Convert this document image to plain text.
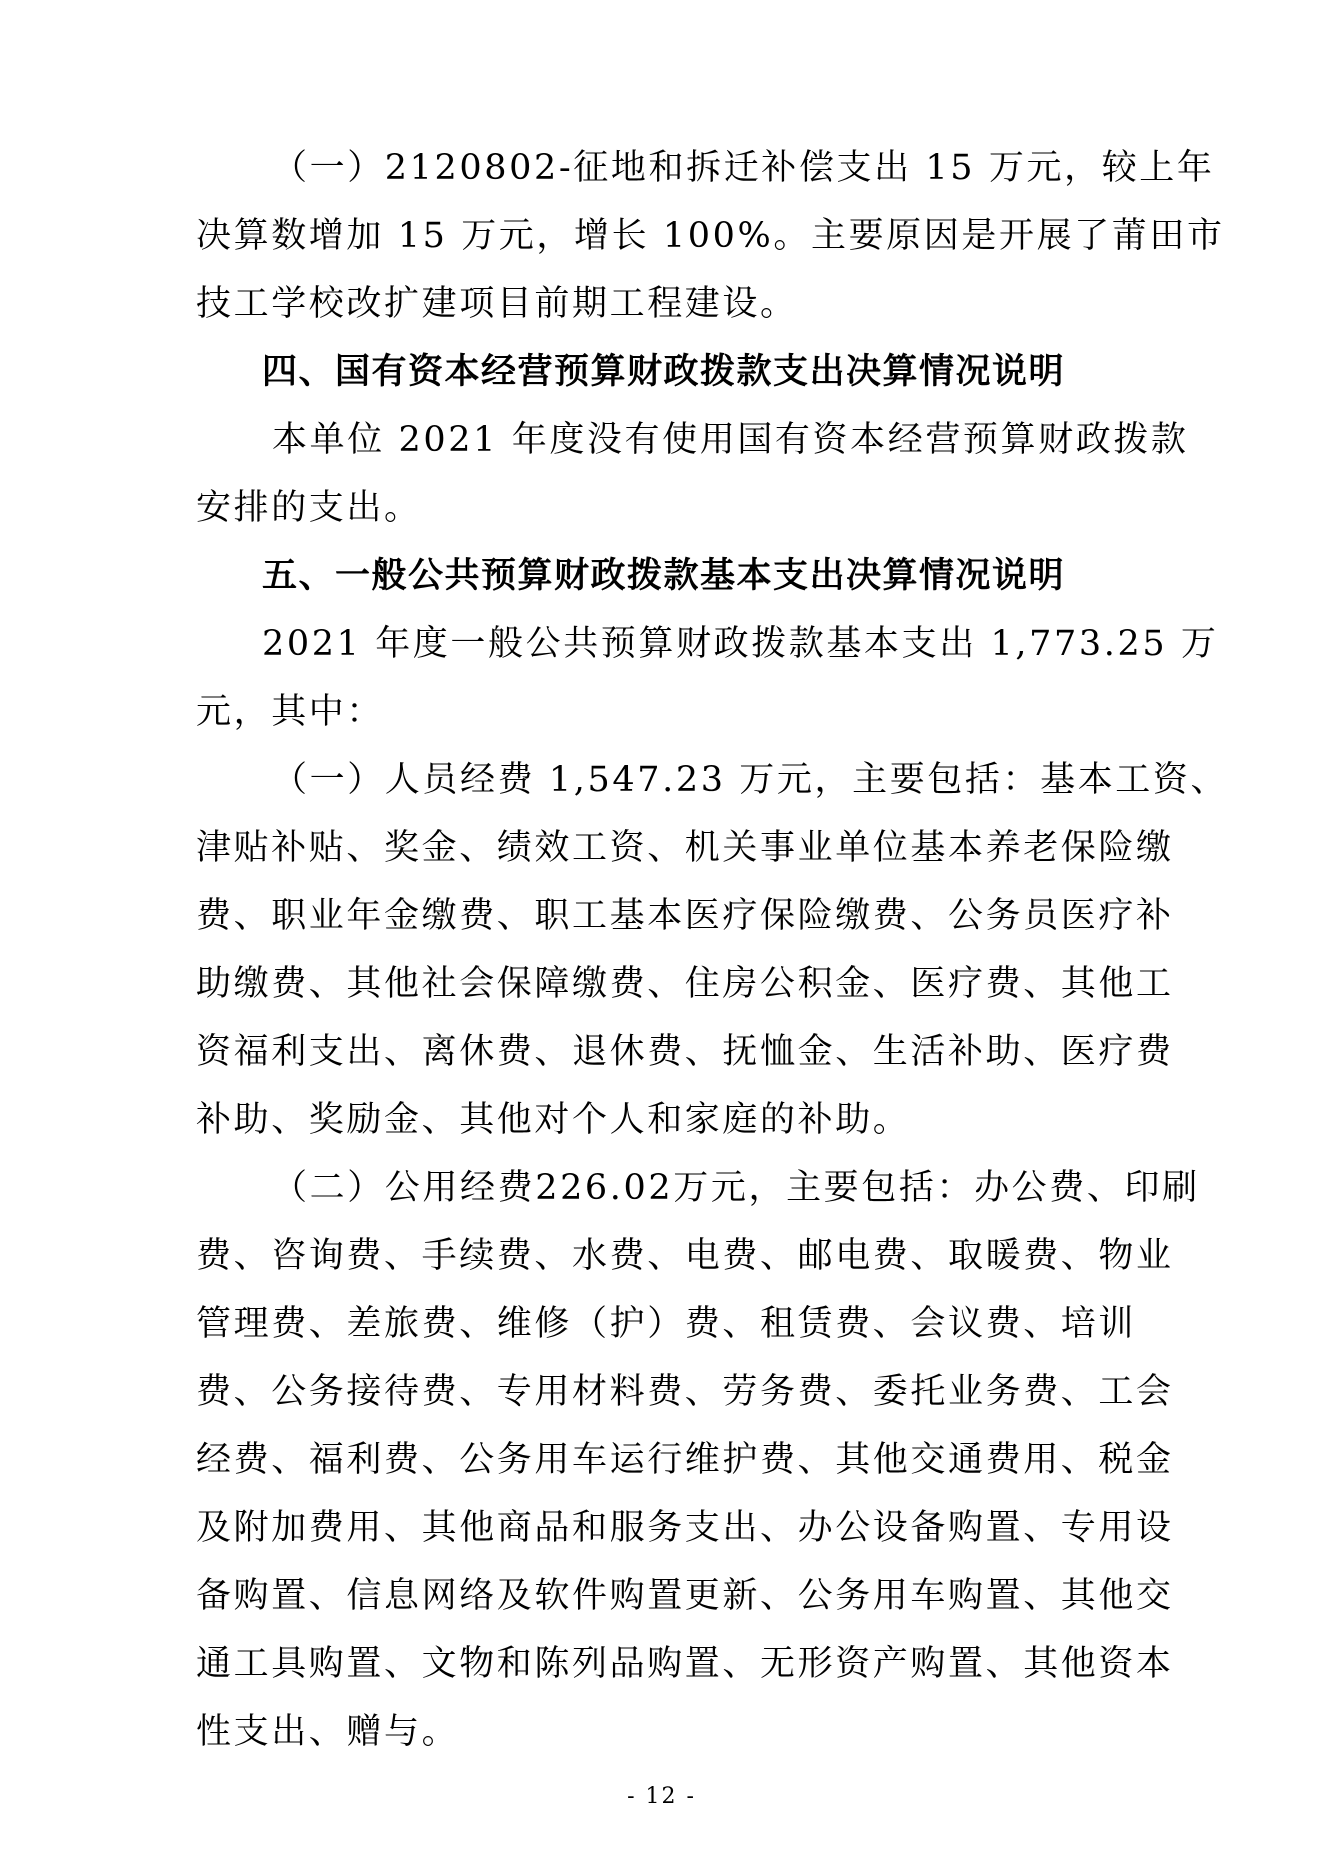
（一）2120802-征地和拆迁补偿支出 15 万元，较上年
决算数增加 15 万元，增长 100%。主要原因是开展了莆田市
技工学校改扩建项目前期工程建设。
四、国有资本经营预算财政拨款支出决算情况说明
本单位 2021 年度没有使用国有资本经营预算财政拨款
安排的支出。
五、一般公共预算财政拨款基本支出决算情况说明
2021 年度一般公共预算财政拨款基本支出 1,773.25 万
元，其中：
（一）人员经费 1,547.23 万元，主要包括：基本工资、
津贴补贴、奖金、绩效工资、机关事业单位基本养老保险缴
费、职业年金缴费、职工基本医疗保险缴费、公务员医疗补
助缴费、其他社会保障缴费、住房公积金、医疗费、其他工
资福利支出、离休费、退休费、抚恤金、生活补助、医疗费
补助、奖励金、其他对个人和家庭的补助。
（二）公用经费226.02万元，主要包括：办公费、印刷
费、咨询费、手续费、水费、电费、邮电费、取暖费、物业
管理费、差旅费、维修（护）费、租赁费、会议费、培训
费、公务接待费、专用材料费、劳务费、委托业务费、工会
经费、福利费、公务用车运行维护费、其他交通费用、税金
及附加费用、其他商品和服务支出、办公设备购置、专用设
备购置、信息网络及软件购置更新、公务用车购置、其他交
通工具购置、文物和陈列品购置、无形资产购置、其他资本
性支出、赠与。
- 12 -
